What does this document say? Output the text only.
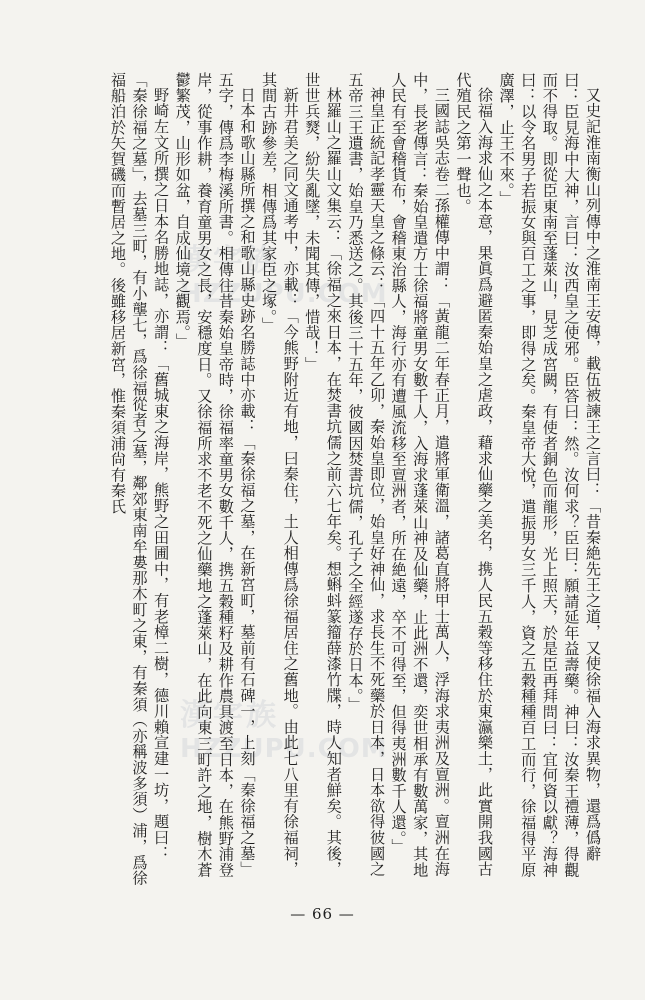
漢字族
HZZUPU.COM
漢字族
HZZUPU.COM	又史記淮南衡山列傳中之淮南王安傳，載伍被諫王之言曰：「昔秦絶先王之道，又使徐福入海求異物，還爲僞辭曰：臣見海中大神，言曰：汝西皇之使邪。臣答曰：然。汝何求？臣曰：願請延年益壽藥。神曰：汝秦王禮薄，得觀而不得取。即從臣東南至蓬萊山，見芝成宮闕，有使者銅色而龍形，光上照天，於是臣再拜問曰：宜何資以獻？海神曰：以令名男子若振女與百工之事，即得之矣。秦皇帝大悅，遣振男女三千人，資之五穀種種百工而行，徐福得平原廣澤，止王不來。」

徐福入海求仙之本意，果眞爲避匿秦始皇之虐政，藉求仙藥之美名，携人民五穀等移住於東瀛樂土，此實開我國古代殖民之第一聲也。

三國誌吳志卷二孫權傳中謂：「黃龍二年春正月，遣將軍衛溫，諸葛直將甲士萬人，浮海求夷洲及亶洲。亶洲在海中，長老傳言：秦始皇遣方士徐福將童男女數千人，入海求蓬萊山神及仙藥，止此洲不還，奕世相承有數萬家，其地人民有至會稽貨布，會稽東治縣人，海行亦有遭風流移至亶洲者，所在絶遠，卒不可得至，但得夷洲數千人還。」

神皇正統記孝靈天皇之條云：「四十五年乙卯，秦始皇即位，始皇好神仙，求長生不死藥於日本，日本欲得彼國之五帝三王遺書，始皇乃悉送之。其後三十五年，彼國因焚書坑儒，孔子之全經遂存於日本。」

林羅山之羅山文集云：「徐福之來日本，在焚書坑儒之前六七年矣。想蝌蚪篆籀薛漆竹牒，時人知者鮮矣。其後，世世兵燹，紛失亂墜，未聞其傳，惜哉！」

新井君美之同文通考中，亦載：「今熊野附近有地，曰秦住，土人相傳爲徐福居住之舊地。由此七八里有徐福祠，其間古跡參差，相傳爲其家臣之塚。」

日本和歌山縣所撰之和歌山縣史跡名勝誌中亦載：「秦徐福之墓，在新宮町，墓前有石碑一，上刻「秦徐福之墓」五字，傳爲李梅溪所書。相傳往昔秦始皇帝時，徐福率童男女數千人，携五穀種籽及耕作農具渡至日本，在熊野浦登岸，從事作耕，養育童男女之長，安穩度日。又徐福所求不老不死之仙藥地之蓬萊山，在此向東三町許之地，樹木蒼鬱繁茂，山形如盆，自成仙境之觀焉。」

野崎左文所撰之日本名勝地誌，亦謂：「舊城東之海岸，熊野之田圃中，有老樟二樹，德川賴宣建一坊，題曰：「秦徐福之墓」，去墓三町，有小壟七，爲徐福從者之墓，鄰郊東南牟婁那木町之東，有秦須（亦稱波多須）浦，爲徐福船泊於矢賀磯而暫居之地。後雖移居新宮，惟秦須浦尙有秦氏

— 66 —
